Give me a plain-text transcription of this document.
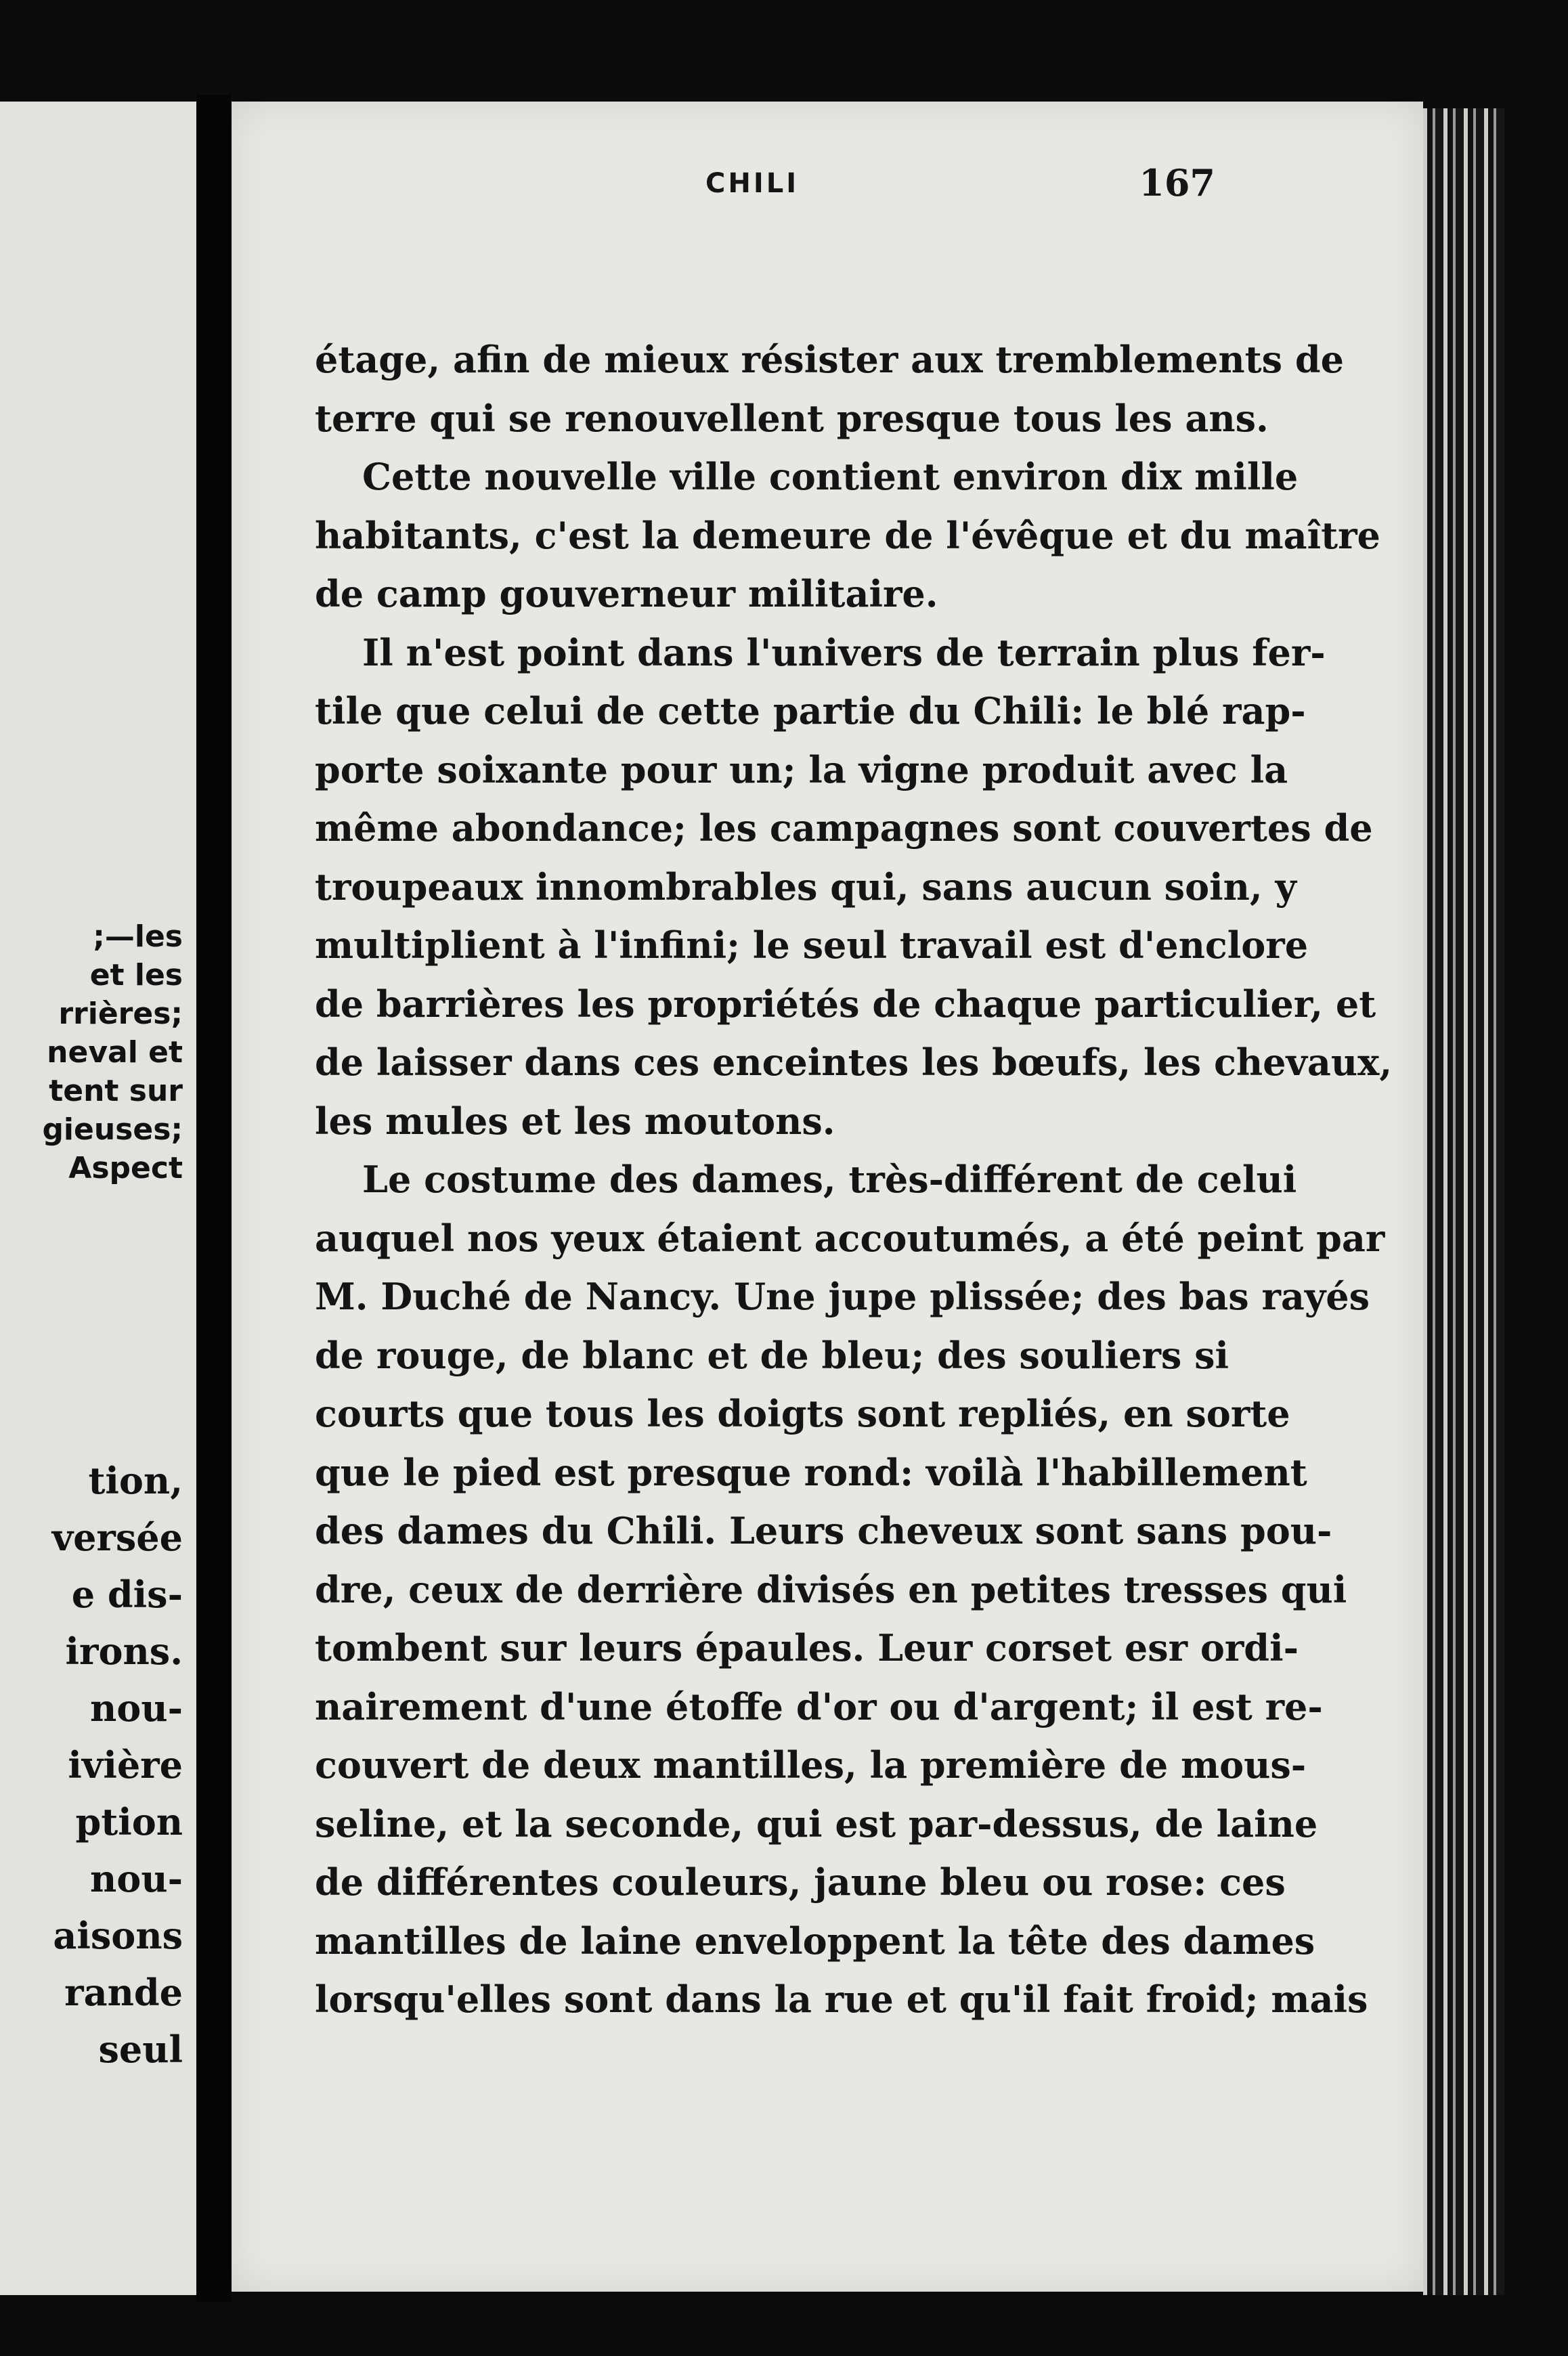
;—les
et les
rrières;
neval et
tent sur
gieuses;
Aspect
tion,
versée
e dis-
irons.
nou-
ivière
ption
nou-
aisons
rande
seul
CHILI	167
étage, afin de mieux résister aux tremblements de
terre qui se renouvellent presque tous les ans.
Cette nouvelle ville contient environ dix mille
habitants, c'est la demeure de l'évêque et du maître
de camp gouverneur militaire.
Il n'est point dans l'univers de terrain plus fer-
tile que celui de cette partie du Chili: le blé rap-
porte soixante pour un; la vigne produit avec la
même abondance; les campagnes sont couvertes de
troupeaux innombrables qui, sans aucun soin, y
multiplient à l'infini; le seul travail est d'enclore
de barrières les propriétés de chaque particulier, et
de laisser dans ces enceintes les bœufs, les chevaux,
les mules et les moutons.
Le costume des dames, très-différent de celui
auquel nos yeux étaient accoutumés, a été peint par
M. Duché de Nancy. Une jupe plissée; des bas rayés
de rouge, de blanc et de bleu; des souliers si
courts que tous les doigts sont repliés, en sorte
que le pied est presque rond: voilà l'habillement
des dames du Chili. Leurs cheveux sont sans pou-
dre, ceux de derrière divisés en petites tresses qui
tombent sur leurs épaules. Leur corset esr ordi-
nairement d'une étoffe d'or ou d'argent; il est re-
couvert de deux mantilles, la première de mous-
seline, et la seconde, qui est par-dessus, de laine
de différentes couleurs, jaune bleu ou rose: ces
mantilles de laine enveloppent la tête des dames
lorsqu'elles sont dans la rue et qu'il fait froid; mais
